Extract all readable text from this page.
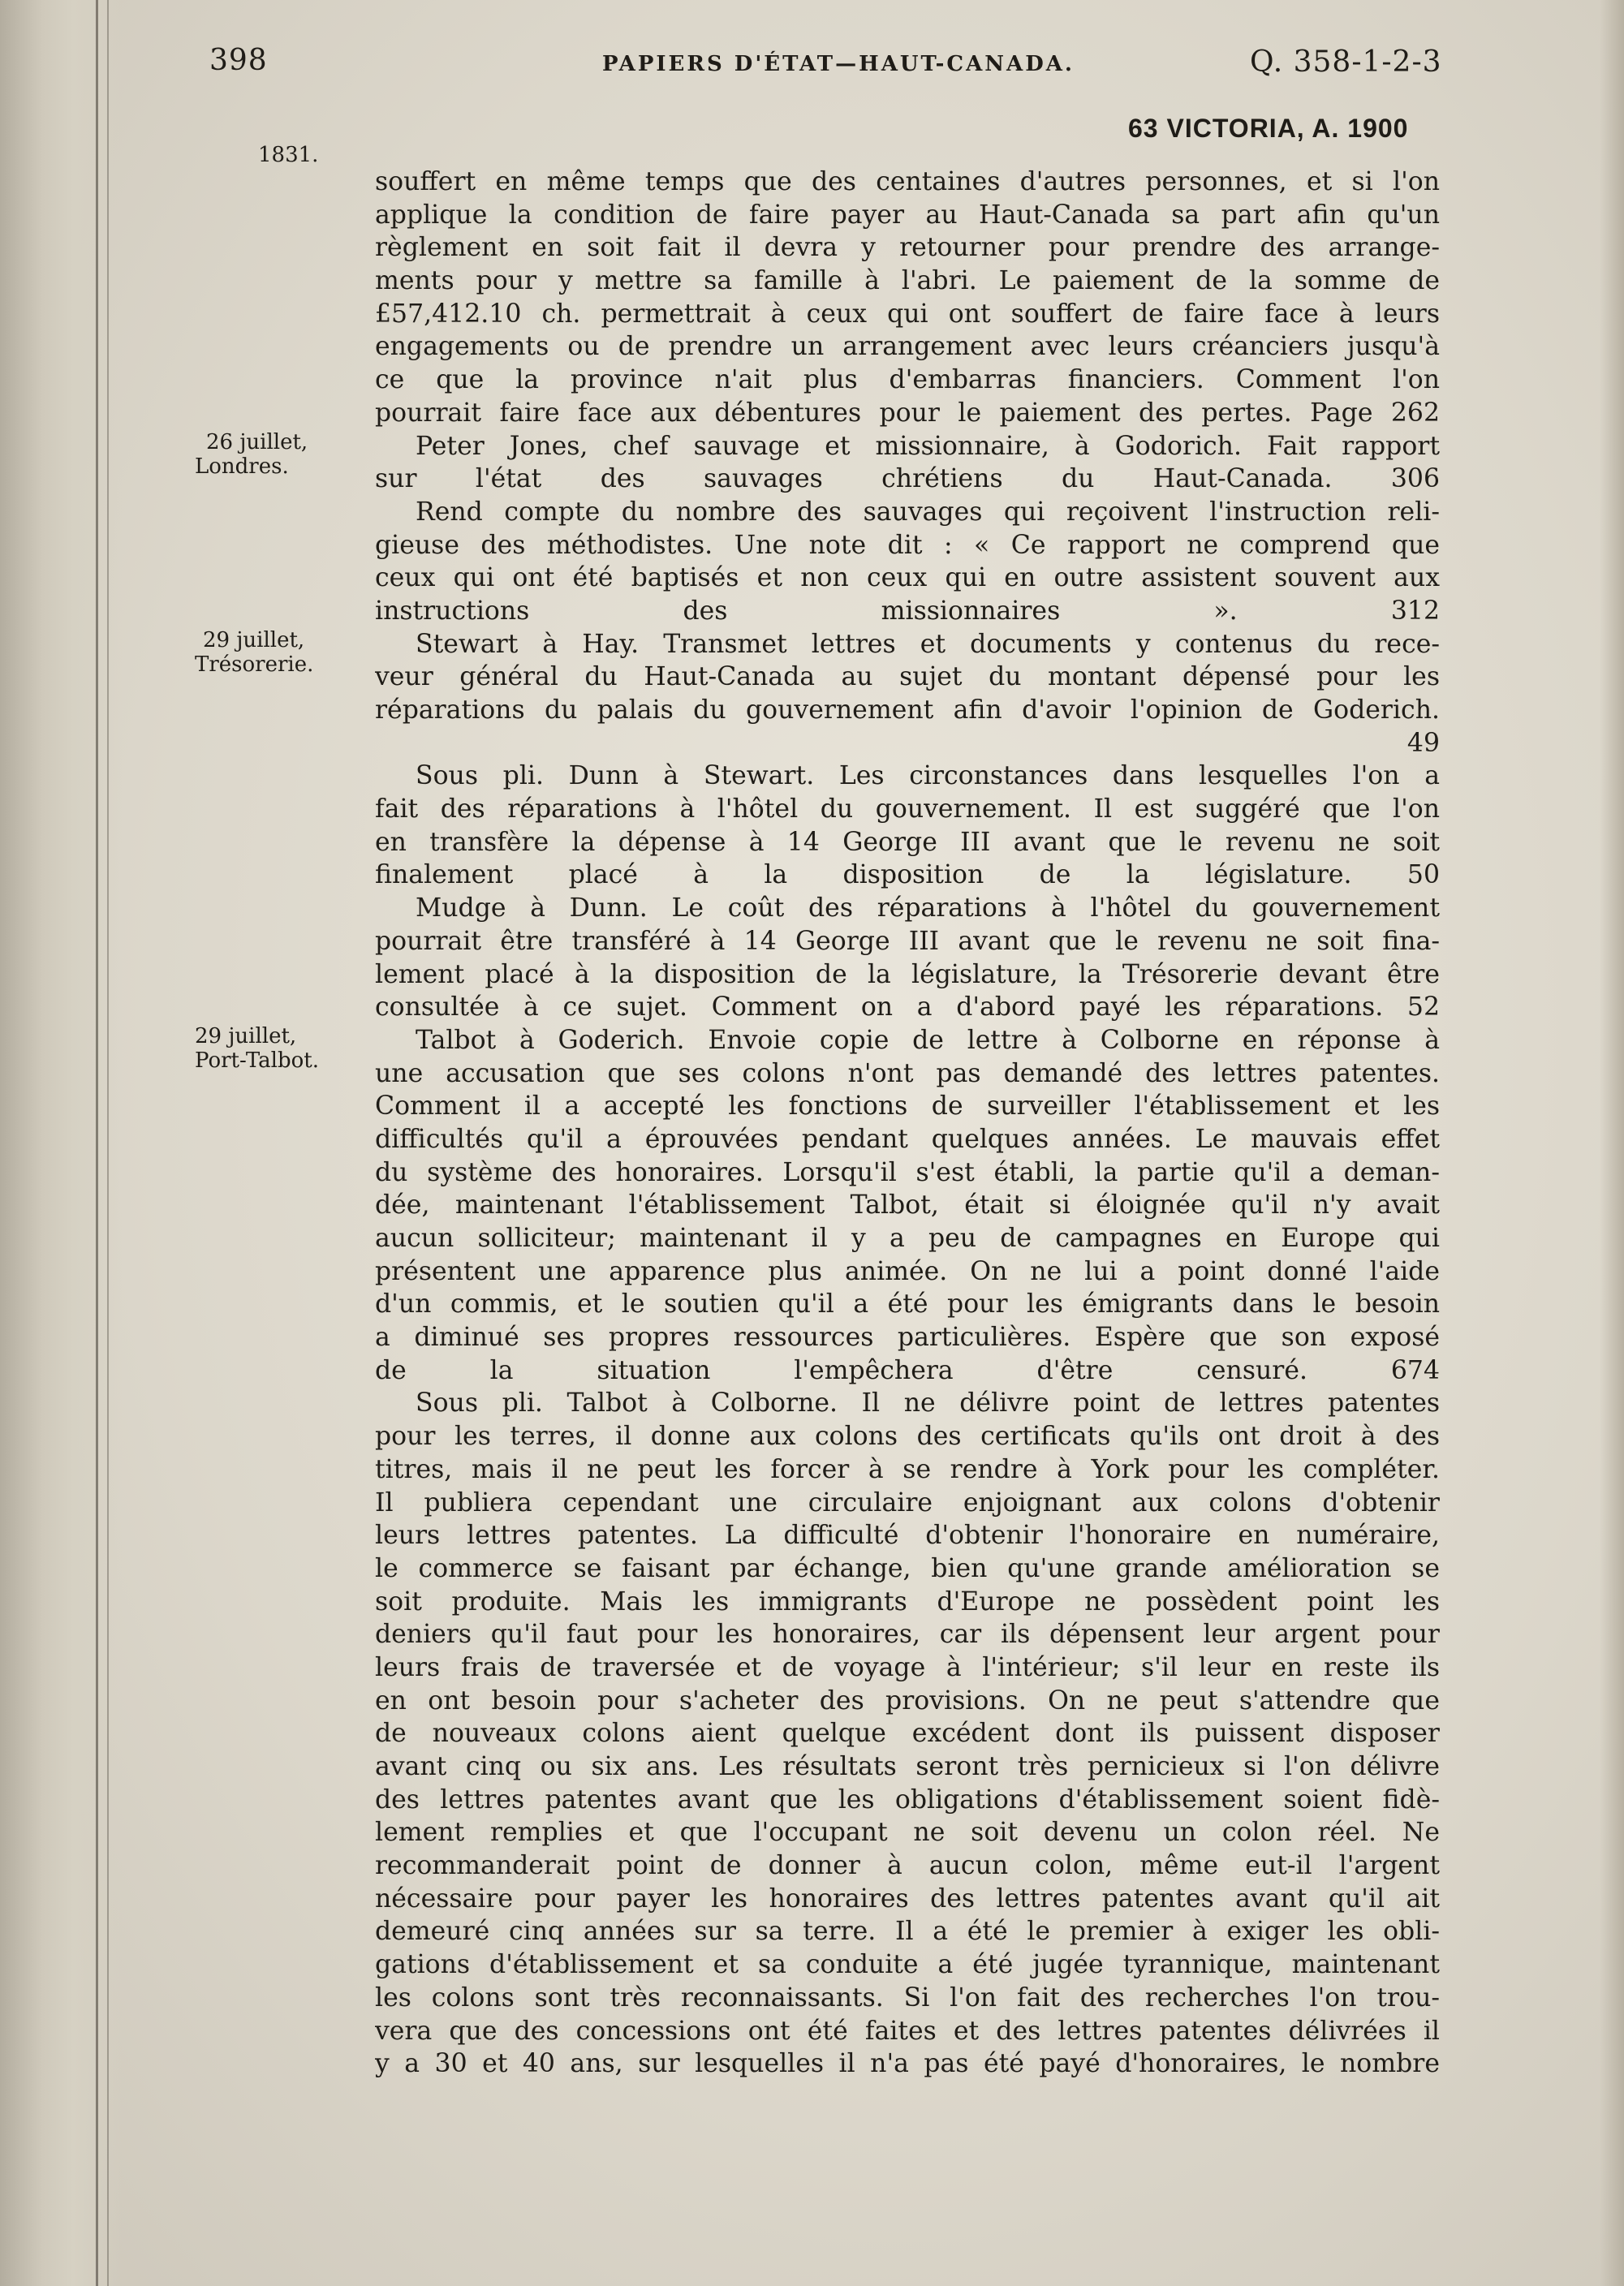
398	PAPIERS D'ÉTAT—HAUT-CANADA.	Q. 358-1-2-3
63 VICTORIA, A. 1900
1831.
26 juillet,
Londres.
29 juillet,
Trésorerie.
29 juillet,
Port-Talbot.
souffert en même temps que des centaines d'autres personnes, et si l'on
applique la condition de faire payer au Haut-Canada sa part afin qu'un
règlement en soit fait il devra y retourner pour prendre des arrange-
ments pour y mettre sa famille à l'abri. Le paiement de la somme de
£57,412.10 ch. permettrait à ceux qui ont souffert de faire face à leurs
engagements ou de prendre un arrangement avec leurs créanciers jusqu'à
ce que la province n'ait plus d'embarras financiers. Comment l'on
pourrait faire face aux débentures pour le paiement des pertes. Page 262
Peter Jones, chef sauvage et missionnaire, à Godorich. Fait rapport
sur l'état des sauvages chrétiens du Haut-Canada. 306
Rend compte du nombre des sauvages qui reçoivent l'instruction reli-
gieuse des méthodistes. Une note dit : « Ce rapport ne comprend que
ceux qui ont été baptisés et non ceux qui en outre assistent souvent aux
instructions des missionnaires ». 312
Stewart à Hay. Transmet lettres et documents y contenus du rece-
veur général du Haut-Canada au sujet du montant dépensé pour les
réparations du palais du gouvernement afin d'avoir l'opinion de Goderich.
49
Sous pli. Dunn à Stewart. Les circonstances dans lesquelles l'on a
fait des réparations à l'hôtel du gouvernement. Il est suggéré que l'on
en transfère la dépense à 14 George III avant que le revenu ne soit
finalement placé à la disposition de la législature. 50
Mudge à Dunn. Le coût des réparations à l'hôtel du gouvernement
pourrait être transféré à 14 George III avant que le revenu ne soit fina-
lement placé à la disposition de la législature, la Trésorerie devant être
consultée à ce sujet. Comment on a d'abord payé les réparations. 52
Talbot à Goderich. Envoie copie de lettre à Colborne en réponse à
une accusation que ses colons n'ont pas demandé des lettres patentes.
Comment il a accepté les fonctions de surveiller l'établissement et les
difficultés qu'il a éprouvées pendant quelques années. Le mauvais effet
du système des honoraires. Lorsqu'il s'est établi, la partie qu'il a deman-
dée, maintenant l'établissement Talbot, était si éloignée qu'il n'y avait
aucun solliciteur; maintenant il y a peu de campagnes en Europe qui
présentent une apparence plus animée. On ne lui a point donné l'aide
d'un commis, et le soutien qu'il a été pour les émigrants dans le besoin
a diminué ses propres ressources particulières. Espère que son exposé
de la situation l'empêchera d'être censuré. 674
Sous pli. Talbot à Colborne. Il ne délivre point de lettres patentes
pour les terres, il donne aux colons des certificats qu'ils ont droit à des
titres, mais il ne peut les forcer à se rendre à York pour les compléter.
Il publiera cependant une circulaire enjoignant aux colons d'obtenir
leurs lettres patentes. La difficulté d'obtenir l'honoraire en numéraire,
le commerce se faisant par échange, bien qu'une grande amélioration se
soit produite. Mais les immigrants d'Europe ne possèdent point les
deniers qu'il faut pour les honoraires, car ils dépensent leur argent pour
leurs frais de traversée et de voyage à l'intérieur; s'il leur en reste ils
en ont besoin pour s'acheter des provisions. On ne peut s'attendre que
de nouveaux colons aient quelque excédent dont ils puissent disposer
avant cinq ou six ans. Les résultats seront très pernicieux si l'on délivre
des lettres patentes avant que les obligations d'établissement soient fidè-
lement remplies et que l'occupant ne soit devenu un colon réel. Ne
recommanderait point de donner à aucun colon, même eut-il l'argent
nécessaire pour payer les honoraires des lettres patentes avant qu'il ait
demeuré cinq années sur sa terre. Il a été le premier à exiger les obli-
gations d'établissement et sa conduite a été jugée tyrannique, maintenant
les colons sont très reconnaissants. Si l'on fait des recherches l'on trou-
vera que des concessions ont été faites et des lettres patentes délivrées il
y a 30 et 40 ans, sur lesquelles il n'a pas été payé d'honoraires, le nombre
